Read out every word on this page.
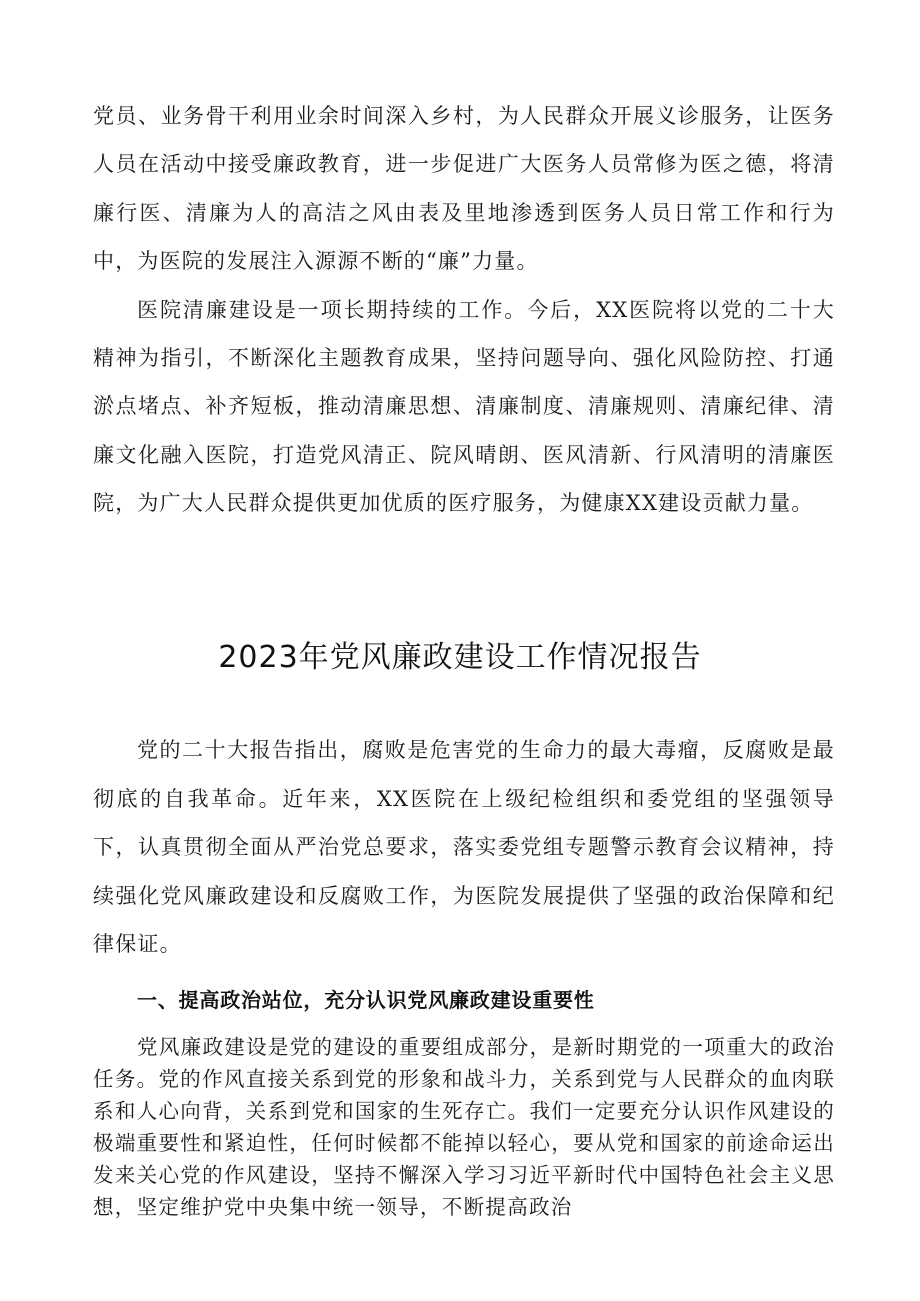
党员、业务骨干利用业余时间深入乡村，为人民群众开展义诊服务，让医务人员在活动中接受廉政教育，进一步促进广大医务人员常修为医之德，将清廉行医、清廉为人的高洁之风由表及里地渗透到医务人员日常工作和行为中，为医院的发展注入源源不断的“廉”力量。

医院清廉建设是一项长期持续的工作。今后，XX医院将以党的二十大精神为指引，不断深化主题教育成果，坚持问题导向、强化风险防控、打通淤点堵点、补齐短板，推动清廉思想、清廉制度、清廉规则、清廉纪律、清廉文化融入医院，打造党风清正、院风晴朗、医风清新、行风清明的清廉医院，为广大人民群众提供更加优质的医疗服务，为健康XX建设贡献力量。

2023年党风廉政建设工作情况报告

党的二十大报告指出，腐败是危害党的生命力的最大毒瘤，反腐败是最彻底的自我革命。近年来，XX医院在上级纪检组织和委党组的坚强领导下，认真贯彻全面从严治党总要求，落实委党组专题警示教育会议精神，持续强化党风廉政建设和反腐败工作，为医院发展提供了坚强的政治保障和纪律保证。

一、提高政治站位，充分认识党风廉政建设重要性

党风廉政建设是党的建设的重要组成部分，是新时期党的一项重大的政治任务。党的作风直接关系到党的形象和战斗力，关系到党与人民群众的血肉联系和人心向背，关系到党和国家的生死存亡。我们一定要充分认识作风建设的极端重要性和紧迫性，任何时候都不能掉以轻心，要从党和国家的前途命运出发来关心党的作风建设，坚持不懈深入学习习近平新时代中国特色社会主义思想，坚定维护党中央集中统一领导，不断提高政治
